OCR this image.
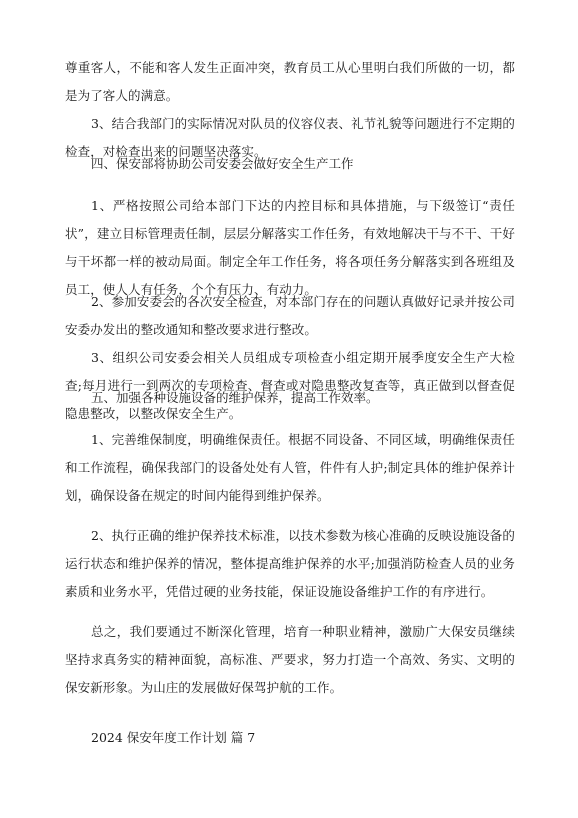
尊重客人，不能和客人发生正面冲突，教育员工从心里明白我们所做的一切，都是为了客人的满意。

3、结合我部门的实际情况对队员的仪容仪表、礼节礼貌等问题进行不定期的检查，对检查出来的问题坚决落实。

四、保安部将协助公司安委会做好安全生产工作

1、严格按照公司给本部门下达的内控目标和具体措施，与下级签订“责任状”，建立目标管理责任制，层层分解落实工作任务，有效地解决干与不干、干好与干坏都一样的被动局面。制定全年工作任务，将各项任务分解落实到各班组及员工，使人人有任务，个个有压力、有动力。

2、参加安委会的各次安全检查，对本部门存在的问题认真做好记录并按公司安委办发出的整改通知和整改要求进行整改。

3、组织公司安委会相关人员组成专项检查小组定期开展季度安全生产大检查;每月进行一到两次的专项检查、督查或对隐患整改复查等，真正做到以督查促隐患整改，以整改保安全生产。

五、加强各种设施设备的维护保养，提高工作效率。

1、完善维保制度，明确维保责任。根据不同设备、不同区域，明确维保责任和工作流程，确保我部门的设备处处有人管，件件有人护;制定具体的维护保养计划，确保设备在规定的时间内能得到维护保养。

2、执行正确的维护保养技术标准，以技术参数为核心准确的反映设施设备的运行状态和维护保养的情况，整体提高维护保养的水平;加强消防检查人员的业务素质和业务水平，凭借过硬的业务技能，保证设施设备维护工作的有序进行。

总之，我们要通过不断深化管理，培育一种职业精神，激励广大保安员继续坚持求真务实的精神面貌，高标准、严要求，努力打造一个高效、务实、文明的保安新形象。为山庄的发展做好保驾护航的工作。

2024 保安年度工作计划 篇 7
